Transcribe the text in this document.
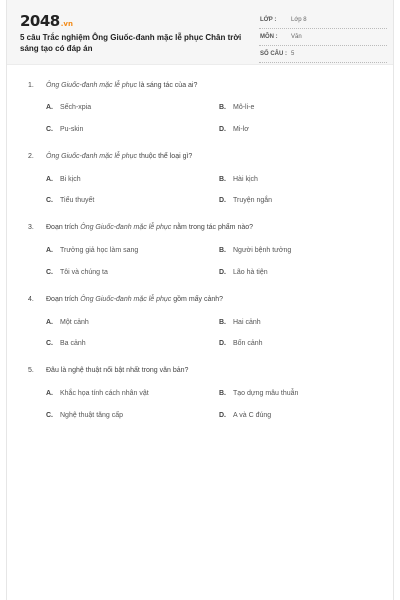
2048.vn
5 câu Trắc nghiệm Ông Giuốc-đanh mặc lễ phục Chân trời sáng tạo có đáp án
LỚP : Lớp 8
MÔN : Văn
SỐ CÂU : 5
1. Ông Giuốc-đanh mặc lễ phục là sáng tác của ai?
A. Sếch-xpia	B. Mô-li-e
C. Pu-skin	D. Mi-lơ
2. Ông Giuốc-đanh mặc lễ phục thuộc thể loại gì?
A. Bi kịch	B. Hài kịch
C. Tiểu thuyết	D. Truyện ngắn
3. Đoạn trích Ông Giuốc-đanh mặc lễ phục nằm trong tác phẩm nào?
A. Trưởng giả học làm sang	B. Người bệnh tưởng
C. Tôi và chúng ta	D. Lão hà tiện
4. Đoạn trích Ông Giuốc-đanh mặc lễ phục gồm mấy cảnh?
A. Một cảnh	B. Hai cảnh
C. Ba cảnh	D. Bốn cảnh
5. Đâu là nghệ thuật nổi bật nhất trong văn bản?
A. Khắc họa tính cách nhân vật	B. Tạo dựng mâu thuẫn
C. Nghệ thuật tăng cấp	D. A và C đúng
